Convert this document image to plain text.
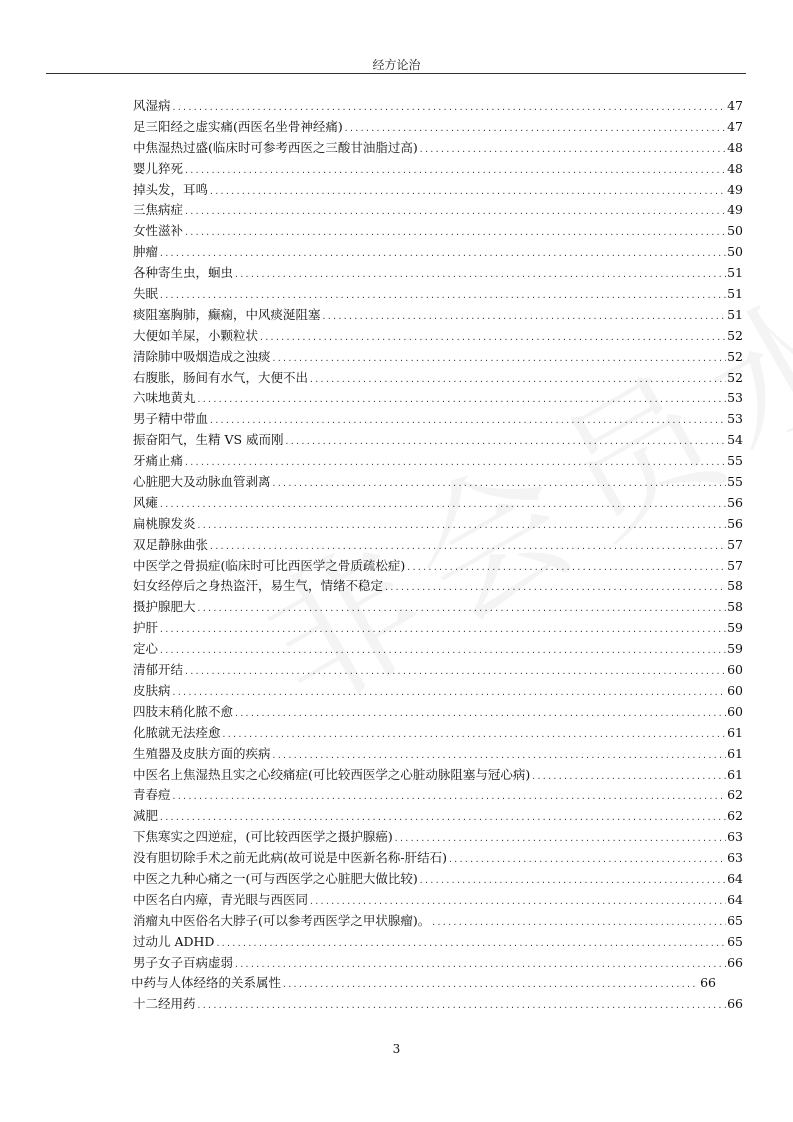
经方论治
风湿病 .....	47
足三阳经之虚实痛(西医名坐骨神经痛) .....	47
中焦湿热过盛(临床时可参考西医之三酸甘油脂过高) .....	48
婴儿猝死 .....	48
掉头发，耳鸣 .....	49
三焦病症 .....	49
女性滋补 .....	50
肿瘤 .....	50
各种寄生虫，蛔虫 .....	51
失眠 .....	51
痰阻塞胸肺，癫痫，中风痰涎阻塞 .....	51
大便如羊屎，小颗粒状 .....	52
清除肺中吸烟造成之浊痰 .....	52
右腹胀，肠间有水气，大便不出 .....	52
六味地黄丸 .....	53
男子精中带血 .....	53
振奋阳气，生精 VS 威而刚 .....	54
牙痛止痛 .....	55
心脏肥大及动脉血管剥离 .....	55
风瘫 .....	56
扁桃腺发炎 .....	56
双足静脉曲张 .....	57
中医学之骨损症(临床时可比西医学之骨质疏松症) .....	57
妇女经停后之身热盗汗，易生气，情绪不稳定 .....	58
摄护腺肥大 .....	58
护肝 .....	59
定心 .....	59
清郁开结 .....	60
皮肤病 .....	60
四肢末稍化脓不愈 .....	60
化脓就无法痊愈 .....	61
生殖器及皮肤方面的疾病 .....	61
中医名上焦湿热且实之心绞痛症(可比较西医学之心脏动脉阻塞与冠心病) .....	61
青春痘 .....	62
减肥 .....	62
下焦寒实之四逆症，(可比较西医学之摄护腺癌) .....	63
没有胆切除手术之前无此病(故可说是中医新名称-肝结石) .....	63
中医之九种心痛之一(可与西医学之心脏肥大做比较) .....	64
中医名白内瘴，青光眼与西医同 .....	64
消瘤丸中医俗名大脖子(可以参考西医学之甲状腺瘤)。 .....	65
过动儿 ADHD .....	65
男子女子百病虚弱 .....	66
中药与人体经络的关系属性 .....	66
十二经用药 .....	66
3
